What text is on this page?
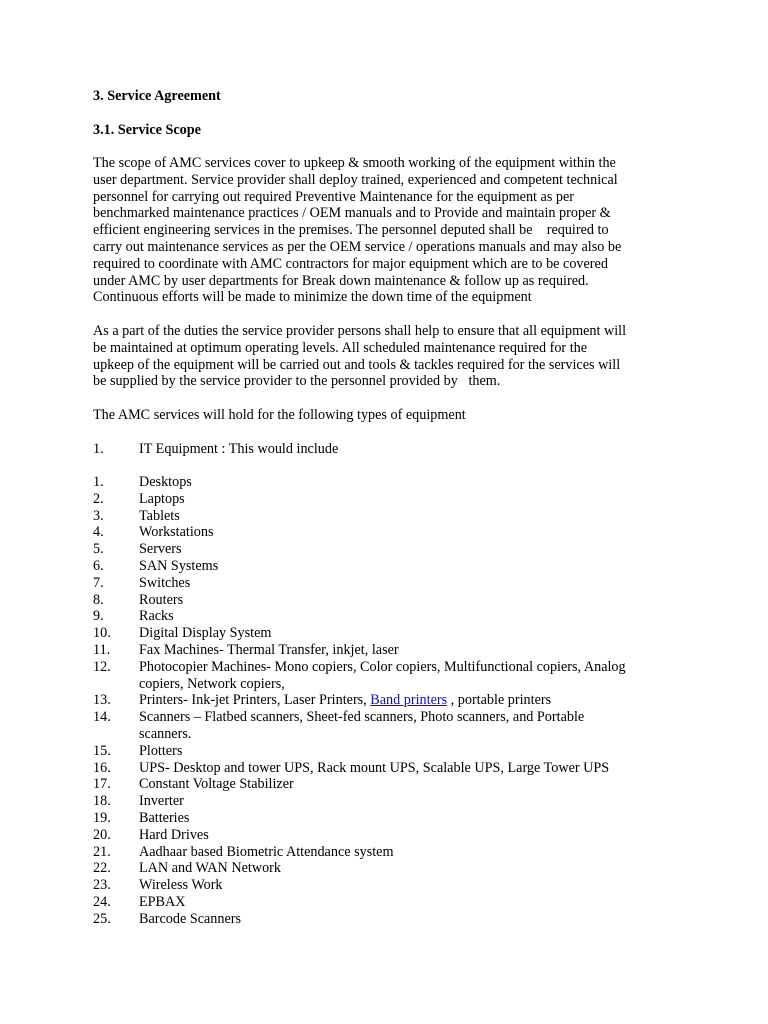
3. Service Agreement
3.1. Service Scope
The scope of AMC services cover to upkeep & smooth working of the equipment within the
user department. Service provider shall deploy trained, experienced and competent technical
personnel for carrying out required Preventive Maintenance for the equipment as per
benchmarked maintenance practices / OEM manuals and to Provide and maintain proper &
efficient engineering services in the premises. The personnel deputed shall be    required to
carry out maintenance services as per the OEM service / operations manuals and may also be
required to coordinate with AMC contractors for major equipment which are to be covered
under AMC by user departments for Break down maintenance & follow up as required.
Continuous efforts will be made to minimize the down time of the equipment
As a part of the duties the service provider persons shall help to ensure that all equipment will
be maintained at optimum operating levels. All scheduled maintenance required for the
upkeep of the equipment will be carried out and tools & tackles required for the services will
be supplied by the service provider to the personnel provided by   them.
The AMC services will hold for the following types of equipment
1.	IT Equipment : This would include
1.	Desktops
2.	Laptops
3.	Tablets
4.	Workstations
5.	Servers
6.	SAN Systems
7.	Switches
8.	Routers
9.	Racks
10.	Digital Display System
11.	Fax Machines- Thermal Transfer, inkjet, laser
12.	Photocopier Machines- Mono copiers, Color copiers, Multifunctional copiers, Analog
copiers, Network copiers,
13.	Printers- Ink-jet Printers, Laser Printers, Band printers , portable printers
14.	Scanners – Flatbed scanners, Sheet-fed scanners, Photo scanners, and Portable
scanners.
15.	Plotters
16.	UPS- Desktop and tower UPS, Rack mount UPS, Scalable UPS, Large Tower UPS
17.	Constant Voltage Stabilizer
18.	Inverter
19.	Batteries
20.	Hard Drives
21.	Aadhaar based Biometric Attendance system
22.	LAN and WAN Network
23.	Wireless Work
24.	EPBAX
25.	Barcode Scanners
